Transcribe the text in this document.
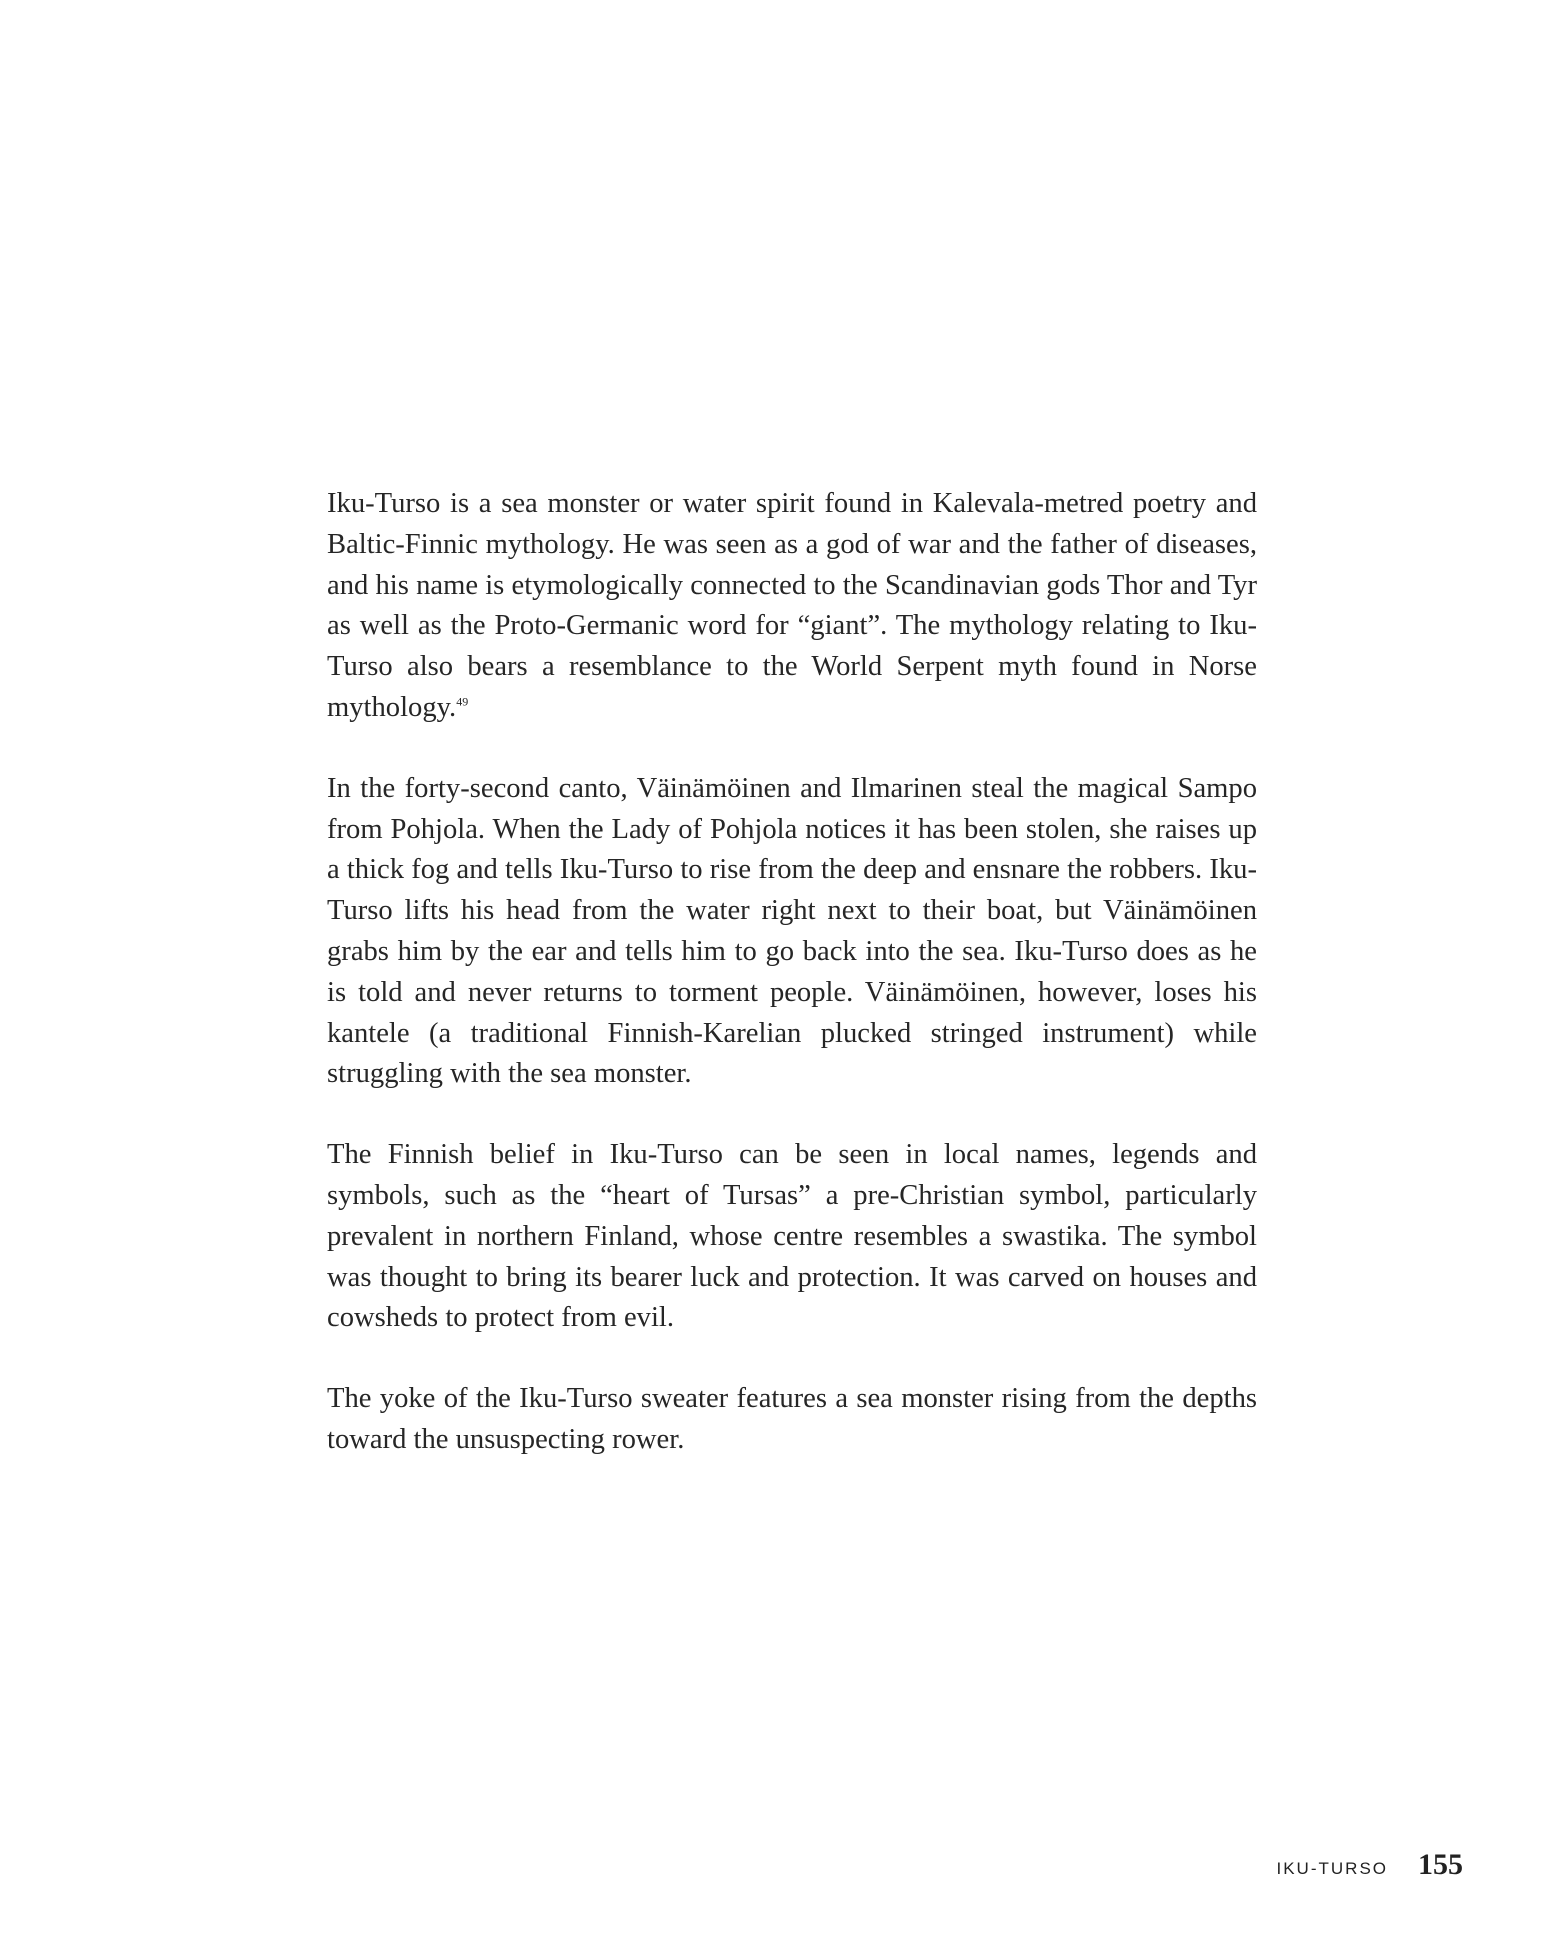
Iku-Turso is a sea monster or water spirit found in Kalevala-metred poetry and Baltic-Finnic mythology. He was seen as a god of war and the father of diseases, and his name is etymologically connected to the Scandinavian gods Thor and Tyr as well as the Proto-Germanic word for “giant”. The mythology relating to Iku-Turso also bears a resemblance to the World Serpent myth found in Norse mythology.$^{49}$

In the forty-second canto, Väinämöinen and Ilmarinen steal the magical Sampo from Pohjola. When the Lady of Pohjola notices it has been stolen, she raises up a thick fog and tells Iku-Turso to rise from the deep and ensnare the robbers. Iku-Turso lifts his head from the water right next to their boat, but Väinämöinen grabs him by the ear and tells him to go back into the sea. Iku-Turso does as he is told and never returns to torment people. Väinämöinen, however, loses his kantele (a traditional Finnish-Karelian plucked stringed instrument) while struggling with the sea monster.

The Finnish belief in Iku-Turso can be seen in local names, legends and symbols, such as the “heart of Tursas” a pre-Christian symbol, particularly prevalent in northern Finland, whose centre resembles a swastika. The symbol was thought to bring its bearer luck and protection. It was carved on houses and cowsheds to protect from evil.

The yoke of the Iku-Turso sweater features a sea monster rising from the depths toward the unsuspecting rower.

IKU-TURSO 155
